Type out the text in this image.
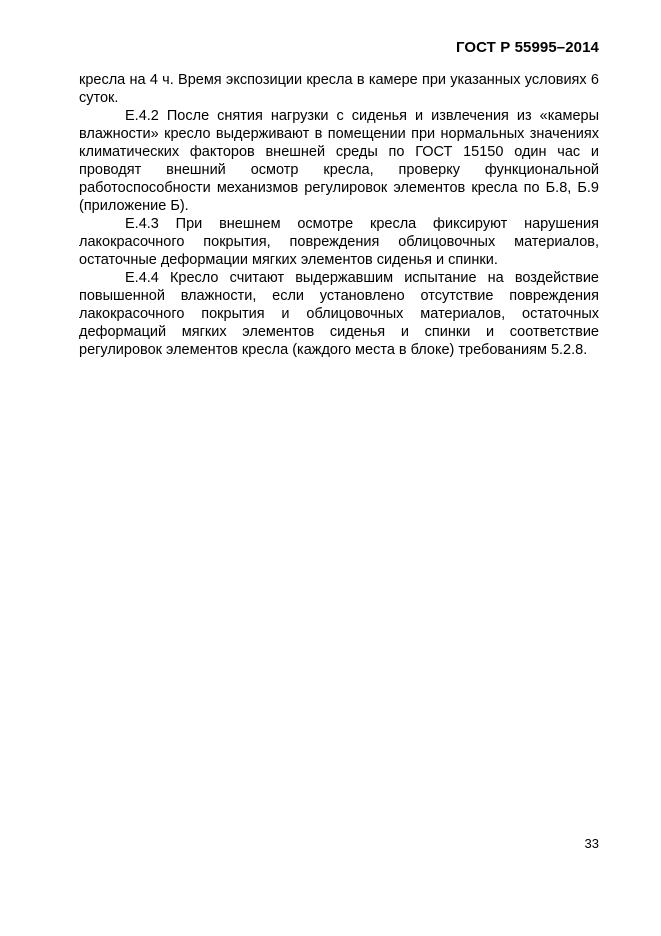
ГОСТ Р 55995–2014

кресла на 4 ч. Время экспозиции кресла в камере при указанных условиях 6 суток.

Е.4.2 После снятия нагрузки с сиденья и извлечения из «камеры влажности» кресло выдерживают в помещении при нормальных значениях климатических факторов внешней среды по ГОСТ 15150 один час и проводят внешний осмотр кресла, проверку функциональной работоспособности механизмов регулировок элементов кресла по Б.8, Б.9 (приложение Б).

Е.4.3 При внешнем осмотре кресла фиксируют нарушения лакокрасочного покрытия, повреждения облицовочных материалов, остаточные деформации мягких элементов сиденья и спинки.

Е.4.4 Кресло считают выдержавшим испытание на воздействие повышенной влажности, если установлено отсутствие повреждения лакокрасочного покрытия и облицовочных материалов, остаточных деформаций мягких элементов сиденья и спинки и соответствие регулировок элементов кресла (каждого места в блоке) требованиям 5.2.8.

33
